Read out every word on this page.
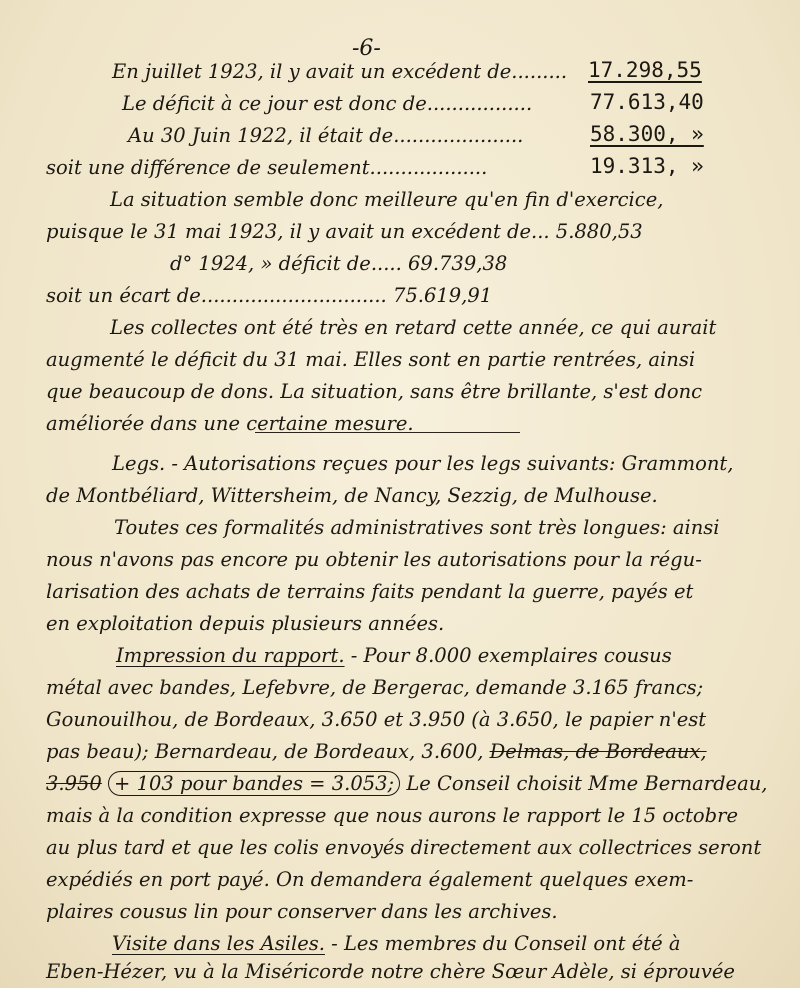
-6-
En juillet 1923, il y avait un excédent de......... 17.298,55
Le déficit à ce jour est donc de.................	77.613,40
Au 30 Juin 1922, il était de.....................	58.300, »
soit une différence de seulement...................	19.313, »
La situation semble donc meilleure qu'en fin d'exercice,
puisque le 31 mai 1923, il y avait un excédent de... 5.880,53
d° 1924, » déficit de..... 69.739,38
soit un écart de.............................. 75.619,91
Les collectes ont été très en retard cette année, ce qui aurait
augmenté le déficit du 31 mai. Elles sont en partie rentrées, ainsi
que beaucoup de dons. La situation, sans être brillante, s'est donc
améliorée dans une certaine mesure.
Legs. - Autorisations reçues pour les legs suivants: Grammont,
de Montbéliard, Wittersheim, de Nancy, Sezzig, de Mulhouse.
Toutes ces formalités administratives sont très longues: ainsi
nous n'avons pas encore pu obtenir les autorisations pour la régu-
larisation des achats de terrains faits pendant la guerre, payés et
en exploitation depuis plusieurs années.
Impression du rapport. - Pour 8.000 exemplaires cousus
métal avec bandes, Lefebvre, de Bergerac, demande 3.165 francs;
Gounouilhou, de Bordeaux, 3.650 et 3.950 (à 3.650, le papier n'est
pas beau); Bernardeau, de Bordeaux, 3.600, Delmas, de Bordeaux,
3.950 + 103 pour bandes = 3.053; Le Conseil choisit Mme Bernardeau,
mais à la condition expresse que nous aurons le rapport le 15 octobre
au plus tard et que les colis envoyés directement aux collectrices seront
expédiés en port payé. On demandera également quelques exem-
plaires cousus lin pour conserver dans les archives.
Visite dans les Asiles. - Les membres du Conseil ont été à
Eben-Hézer, vu à la Miséricorde notre chère Sœur Adèle, si éprouvée
